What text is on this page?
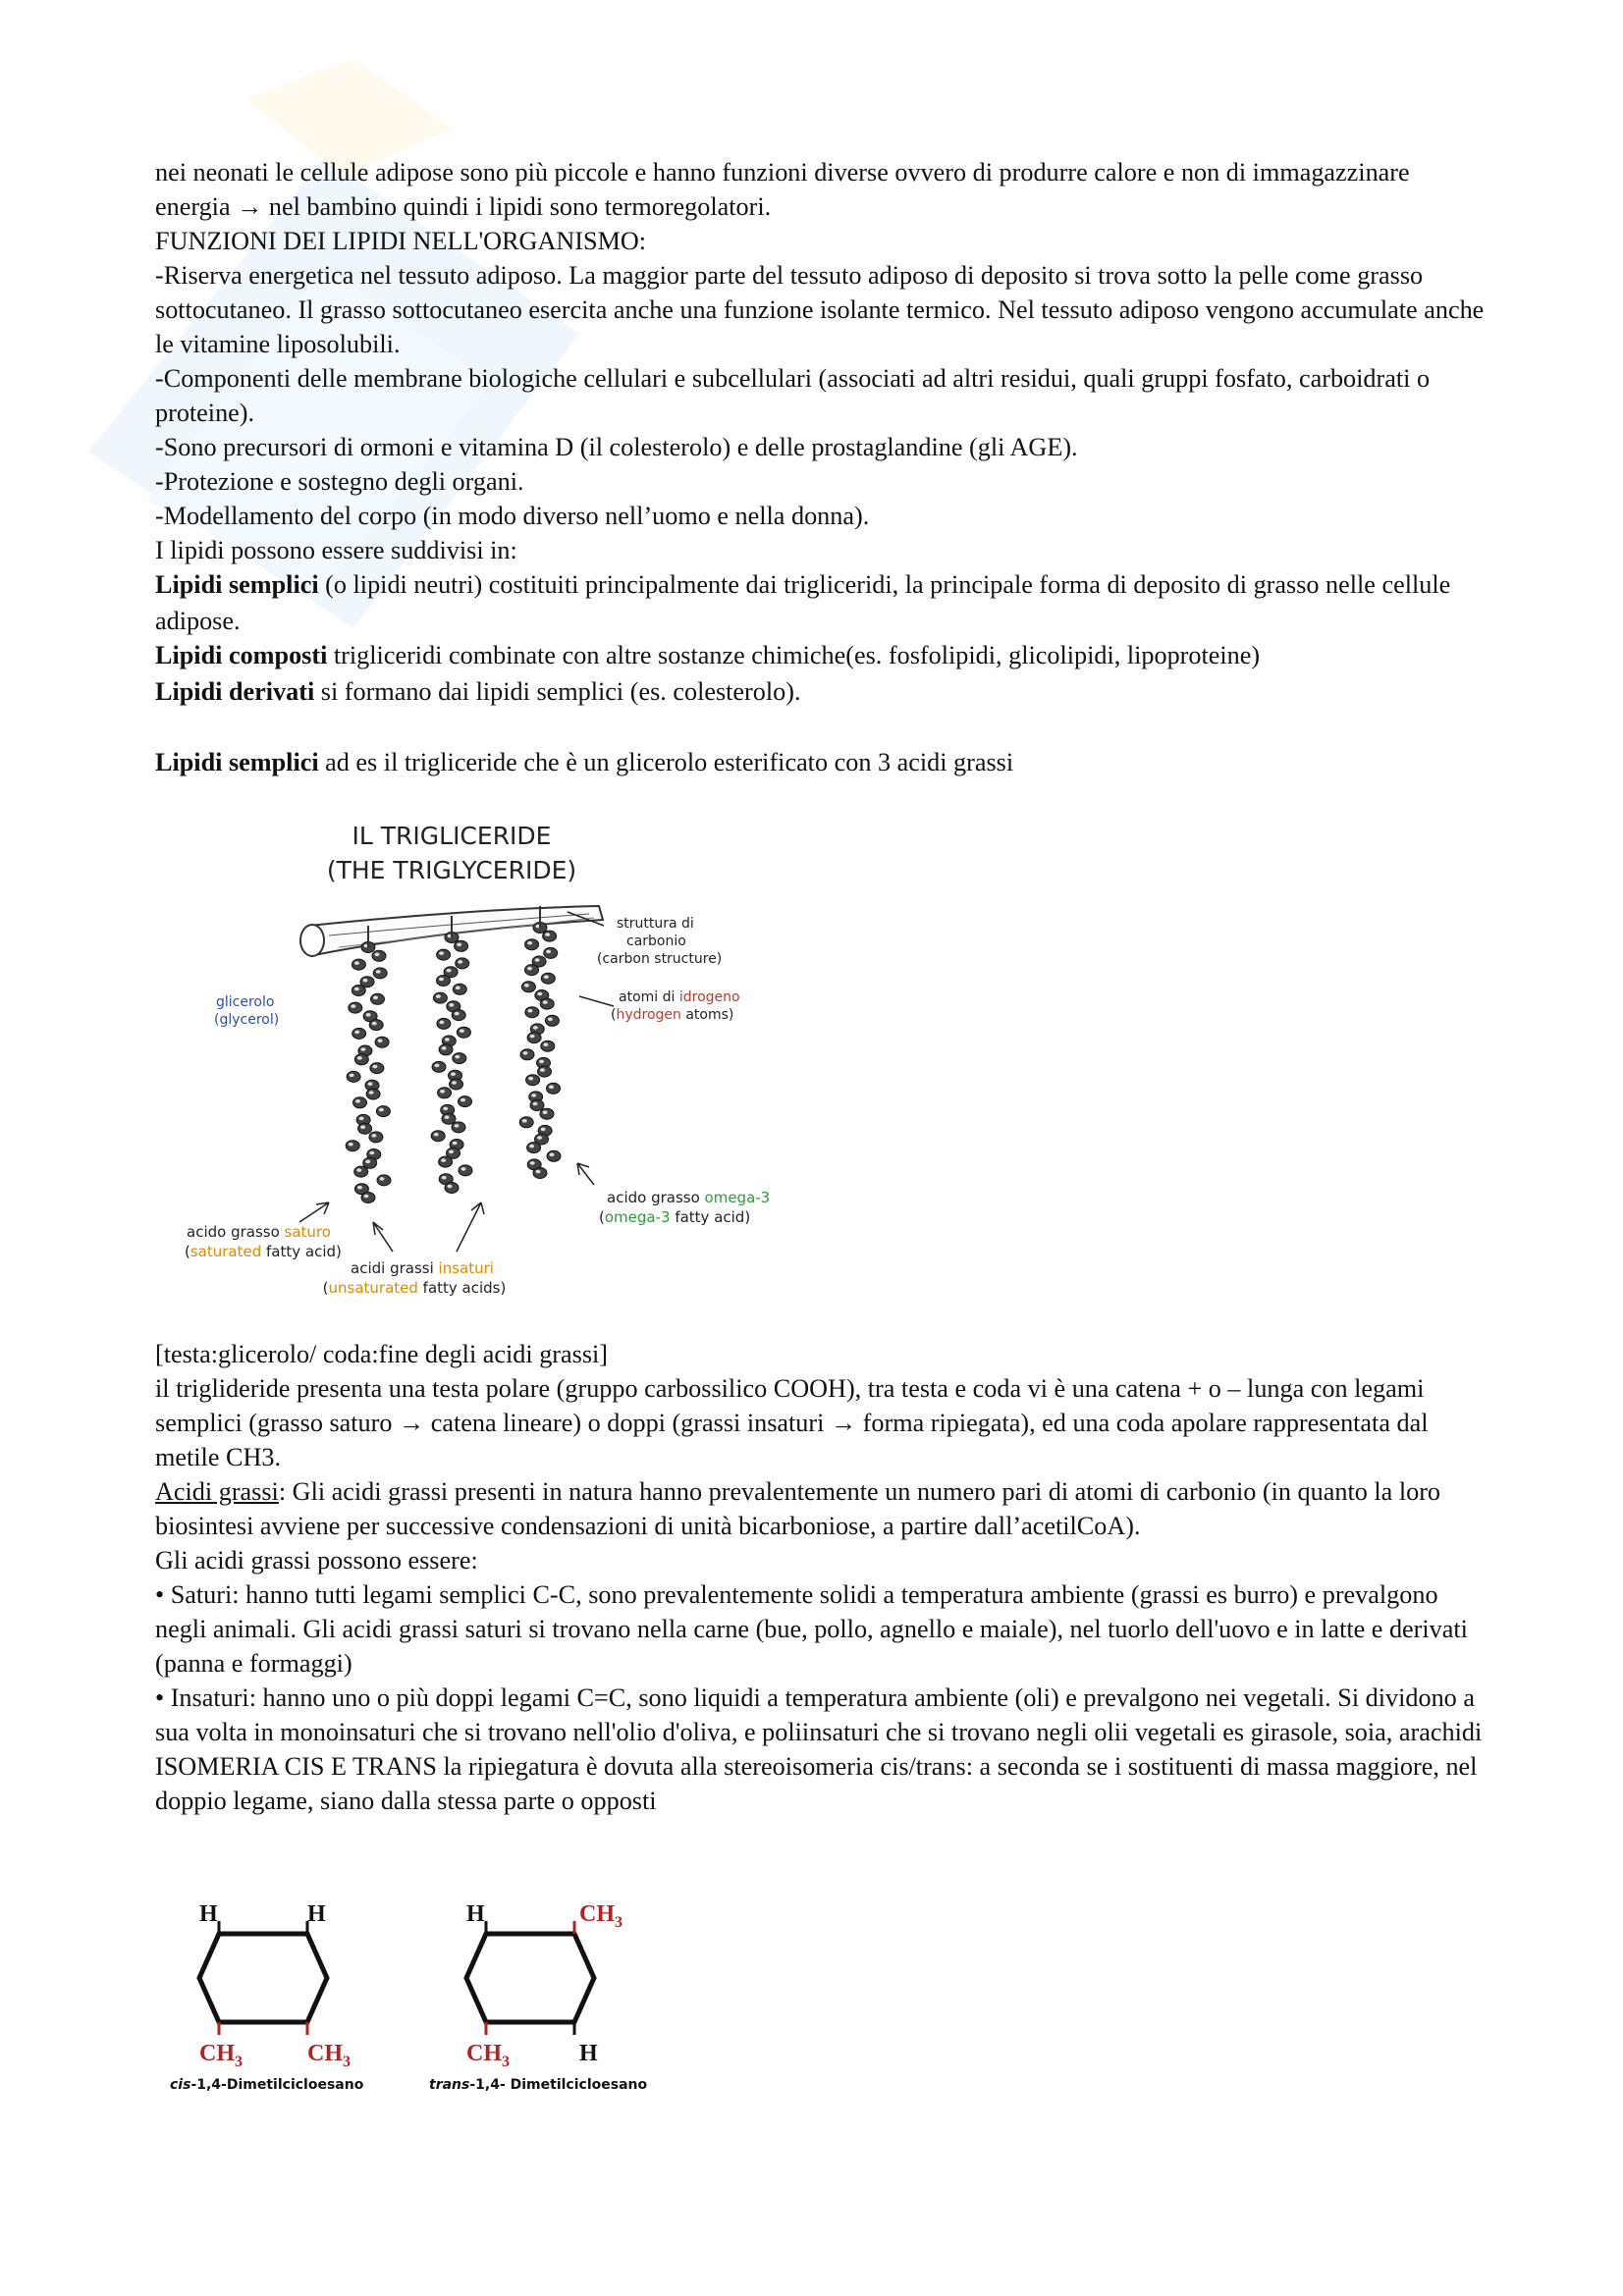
nei neonati le cellule adipose sono più piccole e hanno funzioni diverse ovvero di produrre calore e non di immagazzinare energia → nel bambino quindi i lipidi sono termoregolatori.

FUNZIONI DEI LIPIDI NELL'ORGANISMO:

-Riserva energetica nel tessuto adiposo. La maggior parte del tessuto adiposo di deposito si trova sotto la pelle come grasso sottocutaneo. Il grasso sottocutaneo esercita anche una funzione isolante termico. Nel tessuto adiposo vengono accumulate anche le vitamine liposolubili.

-Componenti delle membrane biologiche cellulari e subcellulari (associati ad altri residui, quali gruppi fosfato, carboidrati o proteine).

-Sono precursori di ormoni e vitamina D (il colesterolo) e delle prostaglandine (gli AGE).

-Protezione e sostegno degli organi.

-Modellamento del corpo (in modo diverso nell’uomo e nella donna).

I lipidi possono essere suddivisi in:

Lipidi semplici (o lipidi neutri) costituiti principalmente dai trigliceridi, la principale forma di deposito di grasso nelle cellule adipose.

Lipidi composti trigliceridi combinate con altre sostanze chimiche(es. fosfolipidi, glicolipidi, lipoproteine)

Lipidi derivati si formano dai lipidi semplici (es. colesterolo).

Lipidi semplici ad es il trigliceride che è un glicerolo esterificato con 3 acidi grassi

IL TRIGLICERIDE
(THE TRIGLYCERIDE)
struttura di
carbonio
(carbon structure)
glicerolo
(glycerol)
atomi di idrogeno
(hydrogen atoms)
acido grasso omega-3
(omega-3 fatty acid)
acido grasso saturo
(saturated fatty acid)
acidi grassi insaturi
(unsaturated fatty acids)

[testa:glicerolo/ coda:fine degli acidi grassi]

il triglideride presenta una testa polare (gruppo carbossilico COOH), tra testa e coda vi è una catena + o – lunga con legami semplici (grasso saturo → catena lineare) o doppi (grassi insaturi → forma ripiegata), ed una coda apolare rappresentata dal metile CH3.

Acidi grassi: Gli acidi grassi presenti in natura hanno prevalentemente un numero pari di atomi di carbonio (in quanto la loro biosintesi avviene per successive condensazioni di unità bicarboniose, a partire dall’acetilCoA).

Gli acidi grassi possono essere:

• Saturi: hanno tutti legami semplici C-C, sono prevalentemente solidi a temperatura ambiente (grassi es burro) e prevalgono negli animali. Gli acidi grassi saturi si trovano nella carne (bue, pollo, agnello e maiale), nel tuorlo dell'uovo e in latte e derivati (panna e formaggi)

• Insaturi: hanno uno o più doppi legami C=C, sono liquidi a temperatura ambiente (oli) e prevalgono nei vegetali. Si dividono a sua volta in monoinsaturi che si trovano nell'olio d'oliva, e poliinsaturi che si trovano negli olii vegetali es girasole, soia, arachidi

ISOMERIA CIS E TRANS la ripiegatura è dovuta alla stereoisomeria cis/trans: a seconda se i sostituenti di massa maggiore, nel doppio legame, siano dalla stessa parte o opposti

H	H
$CH_3$	$CH_3$
cis-1,4-Dimetilcicloesano
H	$CH_3$
$CH_3$	H
trans-1,4- Dimetilcicloesano
